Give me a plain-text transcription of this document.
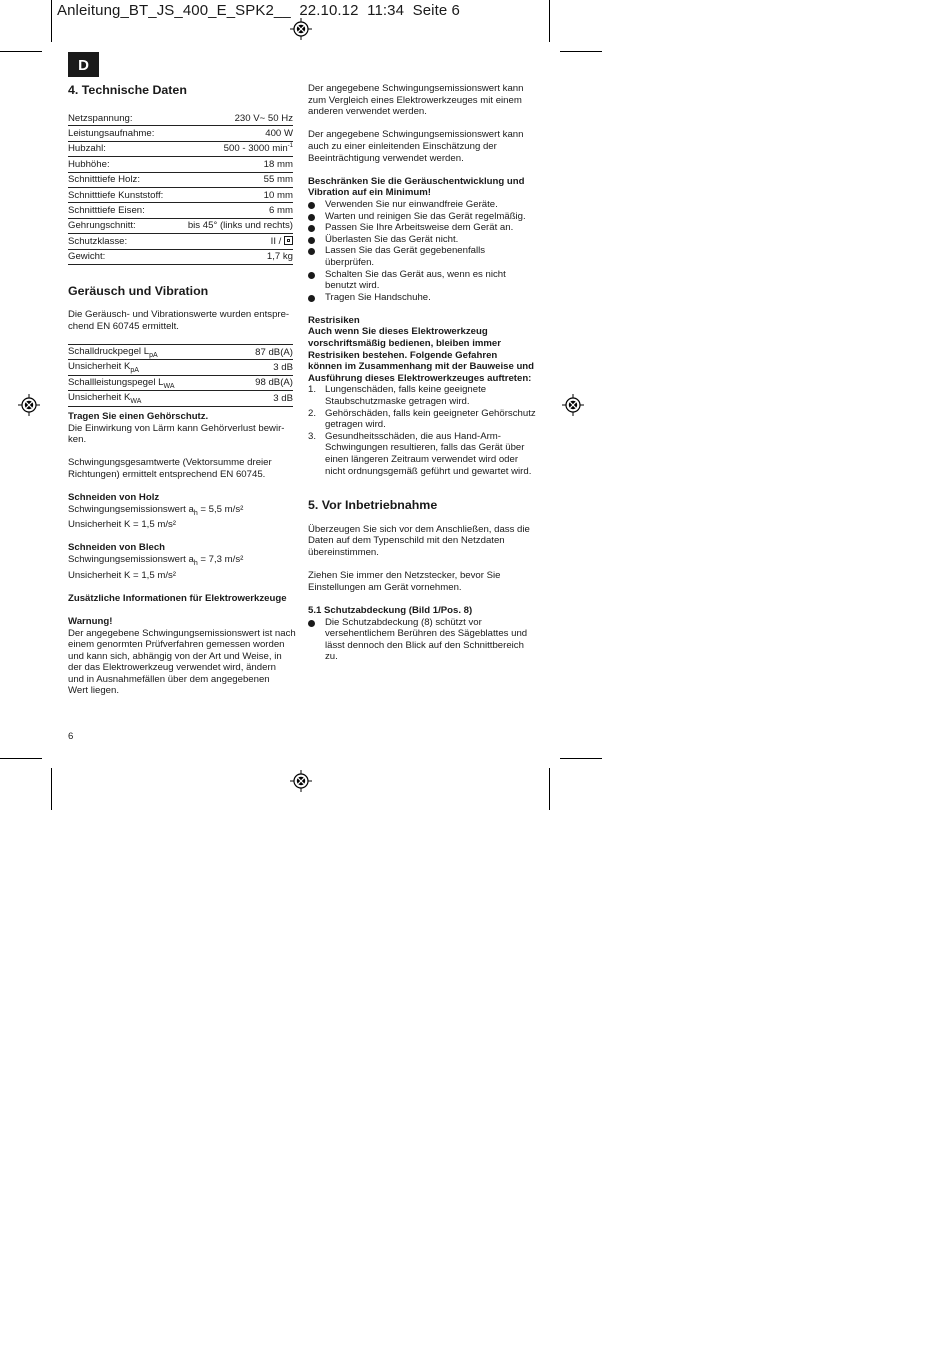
Anleitung_BT_JS_400_E_SPK2__ 22.10.12 11:34 Seite 6
D
4. Technische Daten
Netzspannung:	230 V~ 50 Hz
Leistungsaufnahme:	400 W
Hubzahl:	500 - 3000 $\min^{-1}$
Hubhöhe:	18 mm
Schnitttiefe Holz:	55 mm
Schnitttiefe Kunststoff:	10 mm
Schnitttiefe Eisen:	6 mm
Gehrungschnitt:	bis 45° (links und rechts)
Schutzklasse:	II /
Gewicht:	1,7 kg
Geräusch und Vibration

Die Geräusch- und Vibrationswerte wurden entspre-

chend EN 60745 ermittelt.

Schalldruckpegel $L_{pA}$	87 dB(A)
Unsicherheit $K_{pA}$	3 dB
Schallleistungspegel $L_{WA}$	98 dB(A)
Unsicherheit $K_{WA}$	3 dB

Tragen Sie einen Gehörschutz.

Die Einwirkung von Lärm kann Gehörverlust bewir-

ken.

Schwingungsgesamtwerte (Vektorsumme dreier

Richtungen) ermittelt entsprechend EN 60745.

Schneiden von Holz

Schwingungsemissionswert $a_h = 5,5$ m/s²

Unsicherheit K = 1,5 m/s²

Schneiden von Blech

Schwingungsemissionswert $a_h = 7,3$ m/s²

Unsicherheit K = 1,5 m/s²

Zusätzliche Informationen für Elektrowerkzeuge

Warnung!

Der angegebene Schwingungsemissionswert ist nach

einem genormten Prüfverfahren gemessen worden

und kann sich, abhängig von der Art und Weise, in

der das Elektrowerkzeug verwendet wird, ändern

und in Ausnahmefällen über dem angegebenen

Wert liegen.

6

Der angegebene Schwingungsemissionswert kann

zum Vergleich eines Elektrowerkzeuges mit einem

anderen verwendet werden.

Der angegebene Schwingungsemissionswert kann

auch zu einer einleitenden Einschätzung der

Beeinträchtigung verwendet werden.

Beschränken Sie die Geräuschentwicklung und

Vibration auf ein Minimum!

Verwenden Sie nur einwandfreie Geräte.
Warten und reinigen Sie das Gerät regelmäßig.
Passen Sie Ihre Arbeitsweise dem Gerät an.
Überlasten Sie das Gerät nicht.
Lassen Sie das Gerät gegebenenfalls
überprüfen.
Schalten Sie das Gerät aus, wenn es nicht
benutzt wird.
Tragen Sie Handschuhe.

Restrisiken

Auch wenn Sie dieses Elektrowerkzeug

vorschriftsmäßig bedienen, bleiben immer

Restrisiken bestehen. Folgende Gefahren

können im Zusammenhang mit der Bauweise und

Ausführung dieses Elektrowerkzeuges auftreten:

1. Lungenschäden, falls keine geeignete
Staubschutzmaske getragen wird.
2. Gehörschäden, falls kein geeigneter Gehörschutz
getragen wird.
3. Gesundheitsschäden, die aus Hand-Arm-
Schwingungen resultieren, falls das Gerät über
einen längeren Zeitraum verwendet wird oder
nicht ordnungsgemäß geführt und gewartet wird.

5. Vor Inbetriebnahme

Überzeugen Sie sich vor dem Anschließen, dass die

Daten auf dem Typenschild mit den Netzdaten

übereinstimmen.

Ziehen Sie immer den Netzstecker, bevor Sie

Einstellungen am Gerät vornehmen.

5.1 Schutzabdeckung (Bild 1/Pos. 8)

Die Schutzabdeckung (8) schützt vor
versehentlichem Berühren des Sägeblattes und
lässt dennoch den Blick auf den Schnittbereich
zu.
